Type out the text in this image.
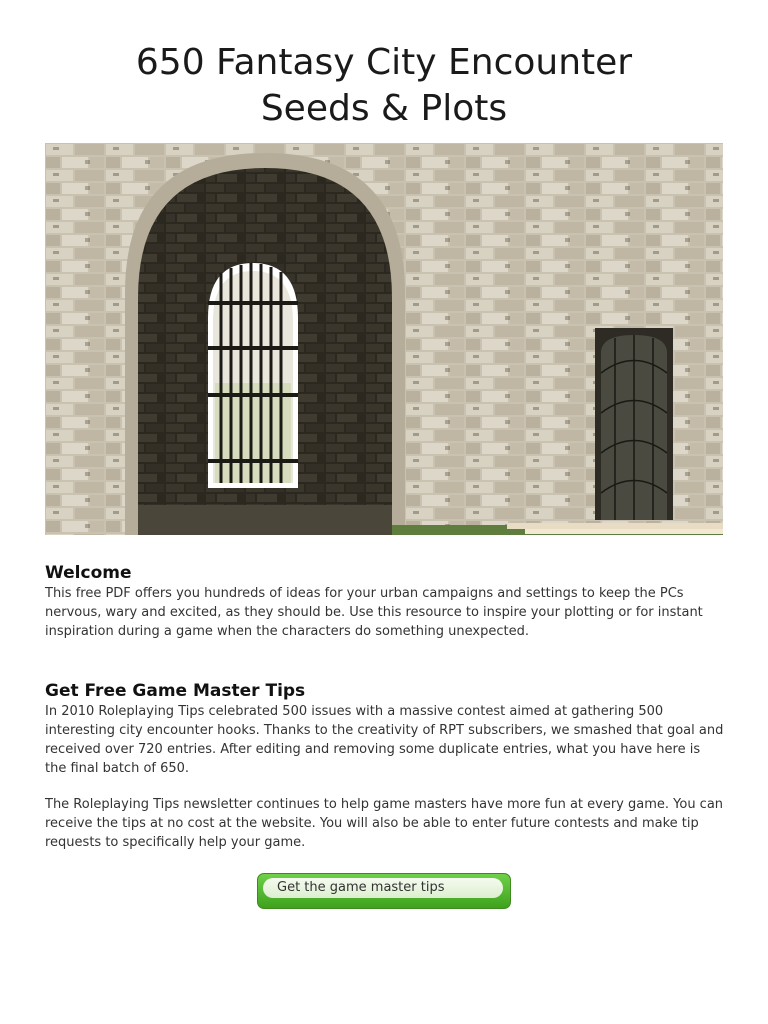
650 Fantasy City Encounter
Seeds & Plots
Welcome
This free PDF offers you hundreds of ideas for your urban campaigns and settings to keep the PCs nervous, wary and excited, as they should be. Use this resource to inspire your plotting or for instant inspiration during a game when the characters do something unexpected.
Get Free Game Master Tips
In 2010 Roleplaying Tips celebrated 500 issues with a massive contest aimed at gathering 500 interesting city encounter hooks. Thanks to the creativity of RPT subscribers, we smashed that goal and received over 720 entries. After editing and removing some duplicate entries, what you have here is the final batch of 650.
The Roleplaying Tips newsletter continues to help game masters have more fun at every game. You can receive the tips at no cost at the website. You will also be able to enter future contests and make tip requests to specifically help your game.
Get the game master tips
